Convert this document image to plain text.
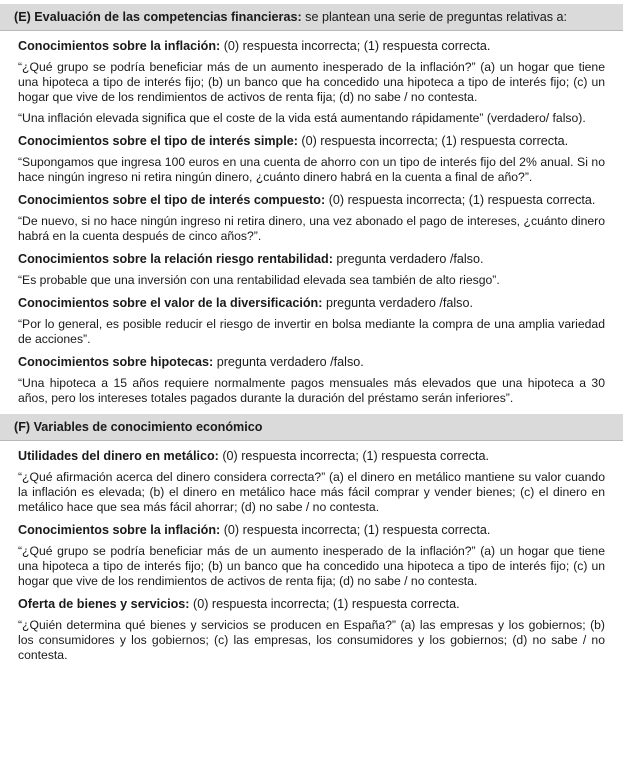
(E) Evaluación de las competencias financieras: se plantean una serie de preguntas relativas a:
Conocimientos sobre la inflación: (0) respuesta incorrecta; (1) respuesta correcta.
“¿Qué grupo se podría beneficiar más de un aumento inesperado de la inflación?” (a) un hogar que tiene una hipoteca a tipo de interés fijo; (b) un banco que ha concedido una hipoteca a tipo de interés fijo; (c) un hogar que vive de los rendimientos de activos de renta fija; (d) no sabe / no contesta.
“Una inflación elevada significa que el coste de la vida está aumentando rápidamente” (verdadero/ falso).
Conocimientos sobre el tipo de interés simple: (0) respuesta incorrecta; (1) respuesta correcta.
“Supongamos que ingresa 100 euros en una cuenta de ahorro con un tipo de interés fijo del 2% anual. Si no hace ningún ingreso ni retira ningún dinero, ¿cuánto dinero habrá en la cuenta a final de año?”.
Conocimientos sobre el tipo de interés compuesto: (0) respuesta incorrecta; (1) respuesta correcta.
“De nuevo, si no hace ningún ingreso ni retira dinero, una vez abonado el pago de intereses, ¿cuánto dinero habrá en la cuenta después de cinco años?”.
Conocimientos sobre la relación riesgo rentabilidad: pregunta verdadero /falso.
“Es probable que una inversión con una rentabilidad elevada sea también de alto riesgo”.
Conocimientos sobre el valor de la diversificación: pregunta verdadero /falso.
“Por lo general, es posible reducir el riesgo de invertir en bolsa mediante la compra de una amplia variedad de acciones”.
Conocimientos sobre hipotecas: pregunta verdadero /falso.
“Una hipoteca a 15 años requiere normalmente pagos mensuales más elevados que una hipoteca a 30 años, pero los intereses totales pagados durante la duración del préstamo serán inferiores”.
(F) Variables de conocimiento económico
Utilidades del dinero en metálico: (0) respuesta incorrecta; (1) respuesta correcta.
“¿Qué afirmación acerca del dinero considera correcta?” (a) el dinero en metálico mantiene su valor cuando la inflación es elevada; (b) el dinero en metálico hace más fácil comprar y vender bienes; (c) el dinero en metálico hace que sea más fácil ahorrar; (d) no sabe / no contesta.
Conocimientos sobre la inflación: (0) respuesta incorrecta; (1) respuesta correcta.
“¿Qué grupo se podría beneficiar más de un aumento inesperado de la inflación?” (a) un hogar que tiene una hipoteca a tipo de interés fijo; (b) un banco que ha concedido una hipoteca a tipo de interés fijo; (c) un hogar que vive de los rendimientos de activos de renta fija; (d) no sabe / no contesta.
Oferta de bienes y servicios: (0) respuesta incorrecta; (1) respuesta correcta.
“¿Quién determina qué bienes y servicios se producen en España?” (a) las empresas y los gobiernos; (b) los consumidores y los gobiernos; (c) las empresas, los consumidores y los gobiernos; (d) no sabe / no contesta.
